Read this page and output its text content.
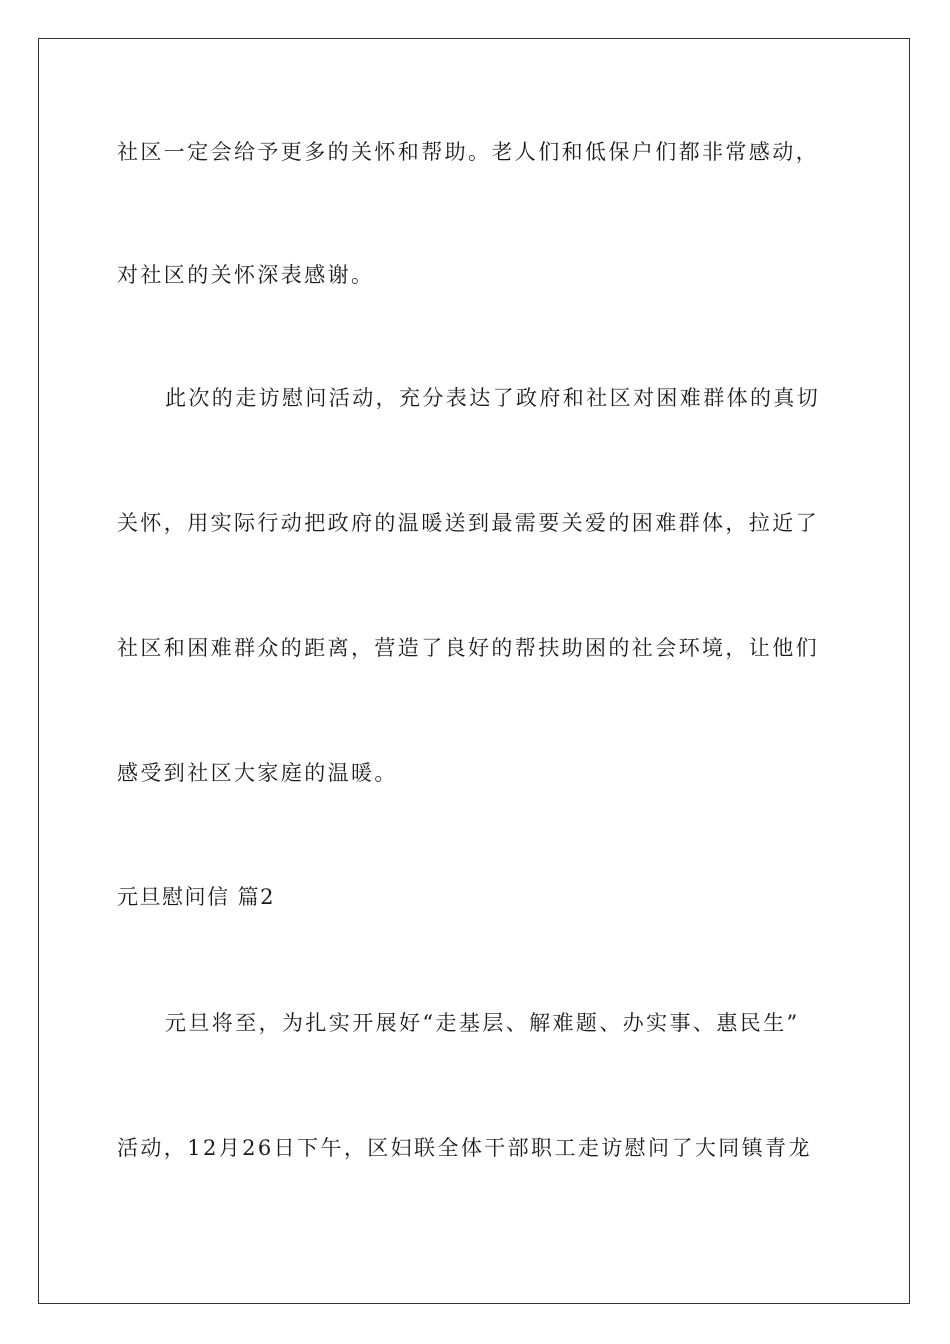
社区一定会给予更多的关怀和帮助。老人们和低保户们都非常感动，

对社区的关怀深表感谢。

此次的走访慰问活动，充分表达了政府和社区对困难群体的真切

关怀，用实际行动把政府的温暖送到最需要关爱的困难群体，拉近了

社区和困难群众的距离，营造了良好的帮扶助困的社会环境，让他们

感受到社区大家庭的温暖。

元旦慰问信 篇2

元旦将至，为扎实开展好“走基层、解难题、办实事、惠民生”

活动，12月26日下午，区妇联全体干部职工走访慰问了大同镇青龙
